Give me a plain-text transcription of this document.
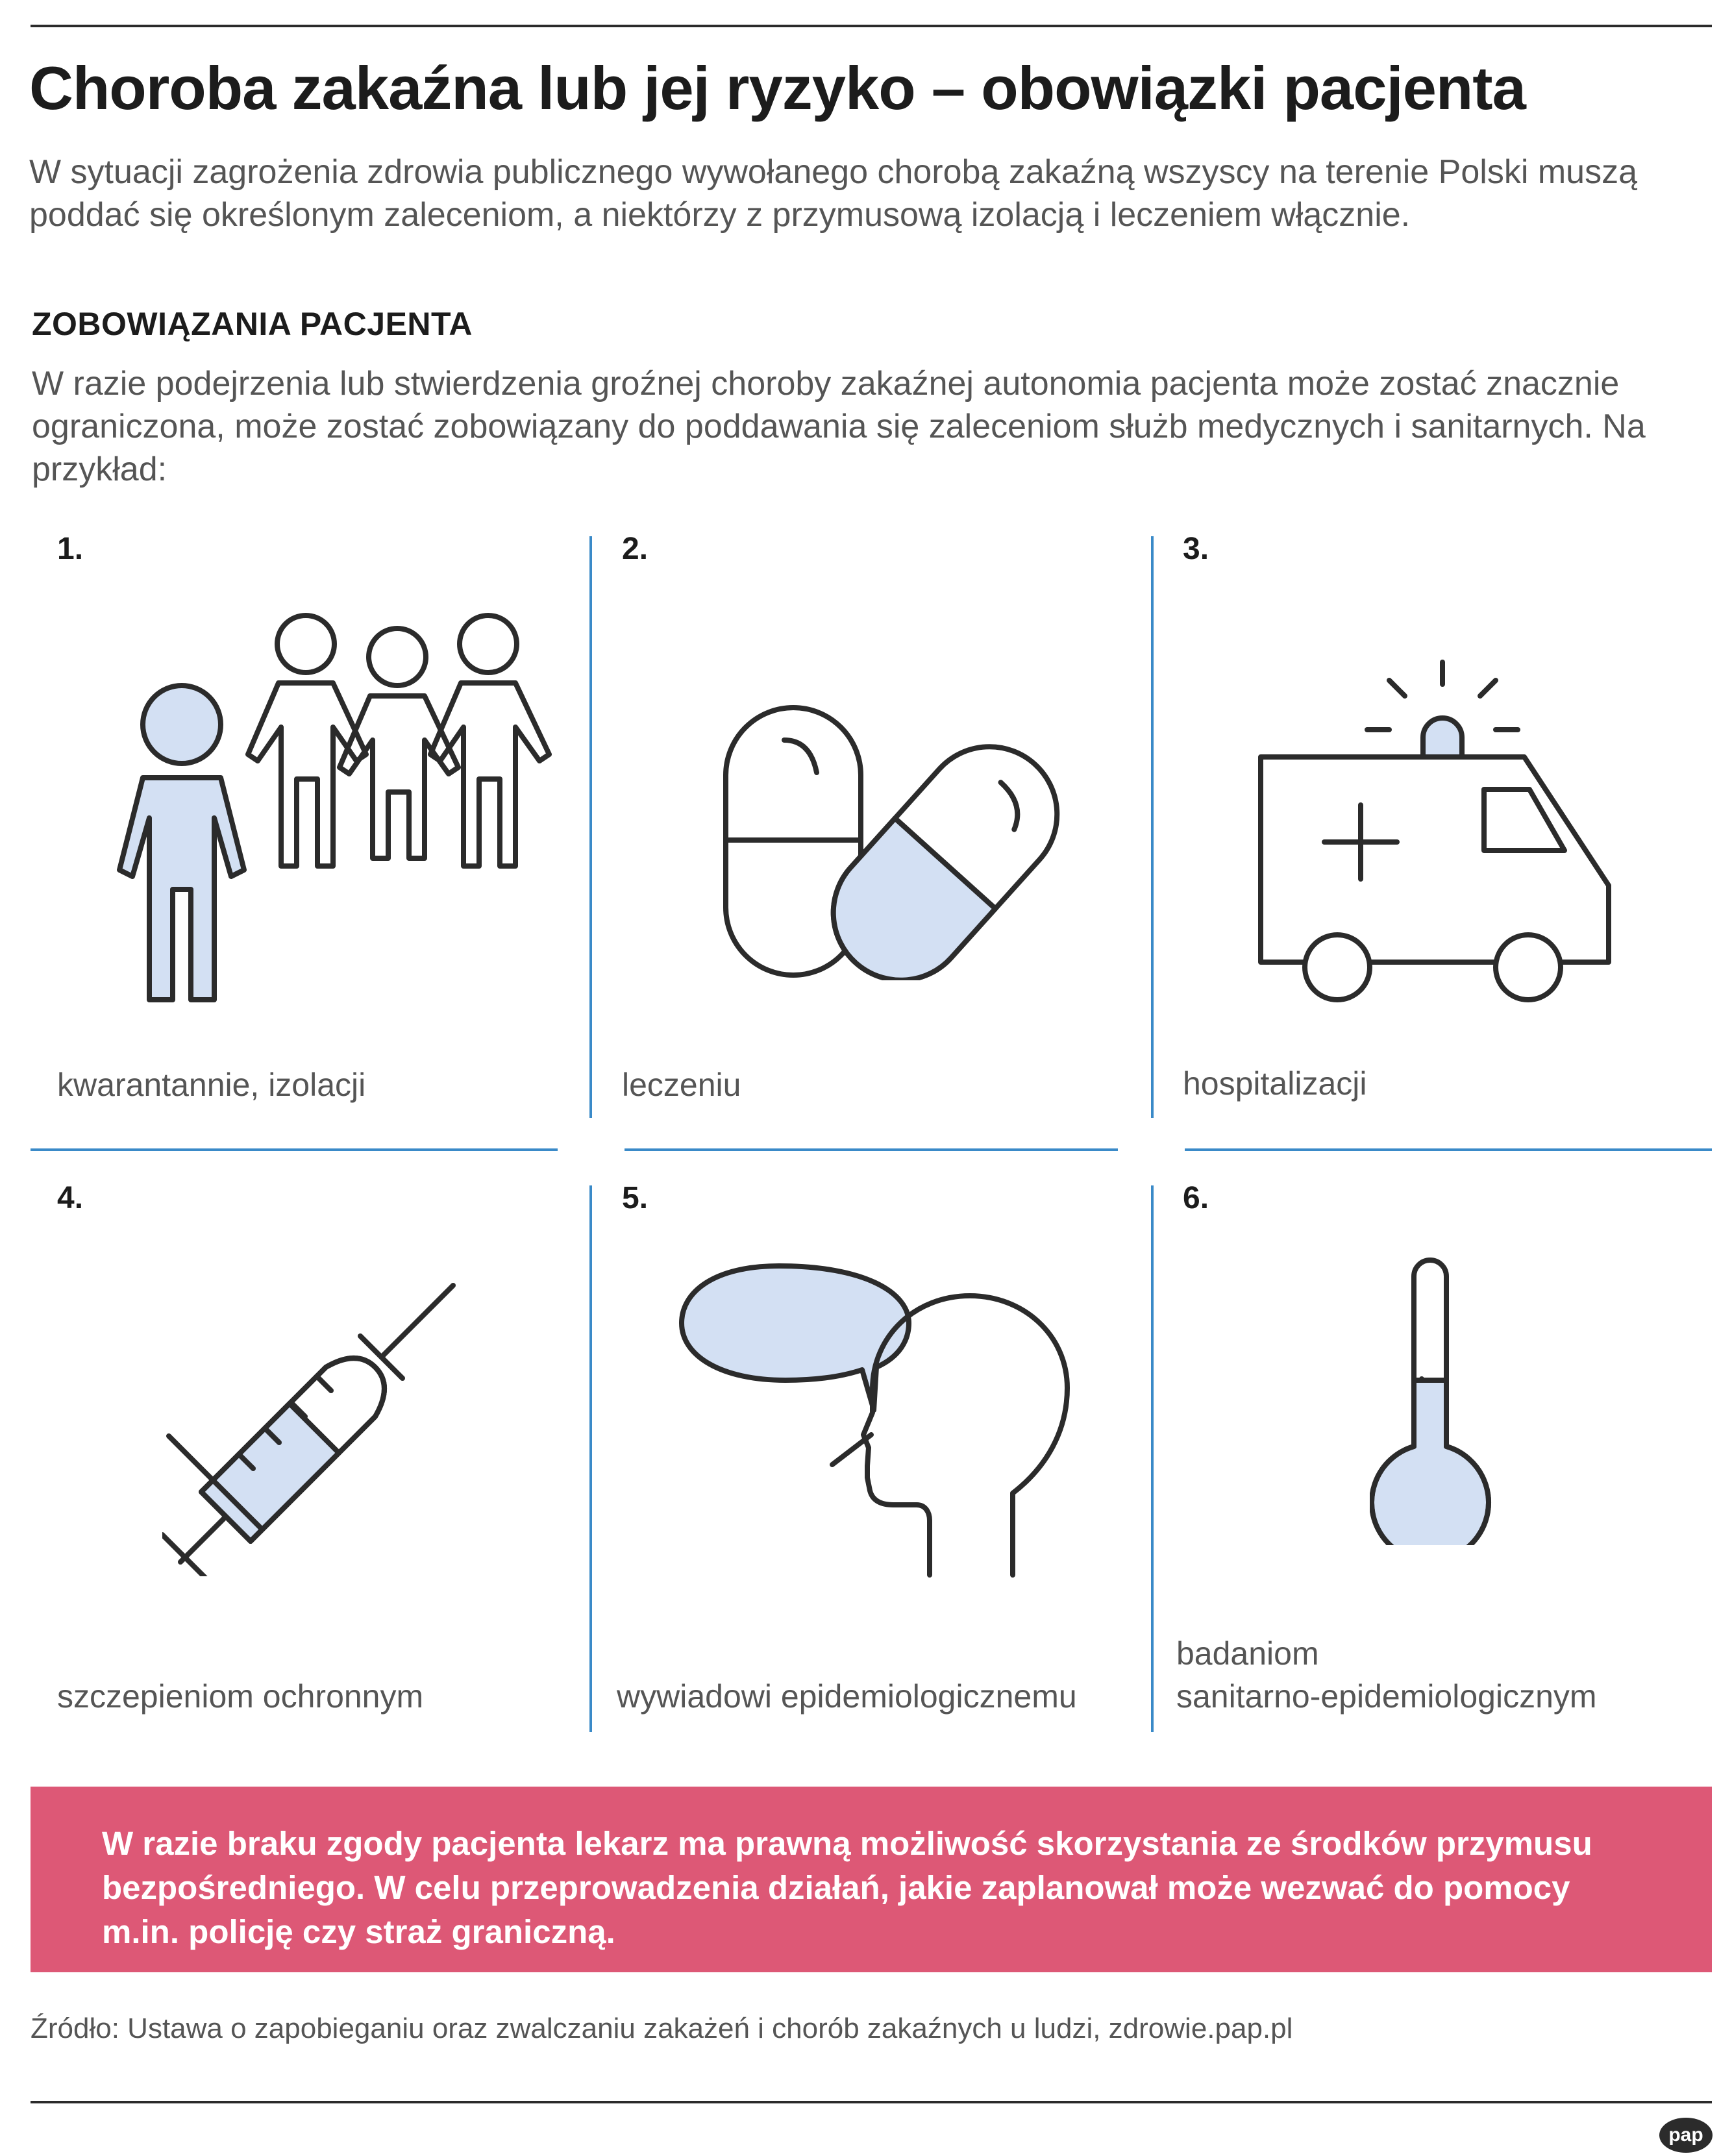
Choroba zakaźna lub jej ryzyko – obowiązki pacjenta

W sytuacji zagrożenia zdrowia publicznego wywołanego chorobą zakaźną wszyscy na terenie Polski muszą poddać się określonym zaleceniom, a niektórzy z przymusową izolacją i leczeniem włącznie.

ZOBOWIĄZANIA PACJENTA

W razie podejrzenia lub stwierdzenia groźnej choroby zakaźnej autonomia pacjenta może zostać znacznie ograniczona, może zostać zobowiązany do poddawania się zaleceniom służb medycznych i sanitarnych. Na przykład:

1.
kwarantannie, izolacji
2.
leczeniu
3.
hospitalizacji
4.
szczepieniom ochronnym
5.
wywiadowi epidemiologicznemu
6.
badaniom
sanitarno-epidemiologicznym

W razie braku zgody pacjenta lekarz ma prawną możliwość skorzystania ze środków przymusu bezpośredniego. W celu przeprowadzenia działań, jakie zaplanował może wezwać do pomocy m.in. policję czy straż graniczną.

Źródło: Ustawa o zapobieganiu oraz zwalczaniu zakażeń i chorób zakaźnych u ludzi, zdrowie.pap.pl

pap
